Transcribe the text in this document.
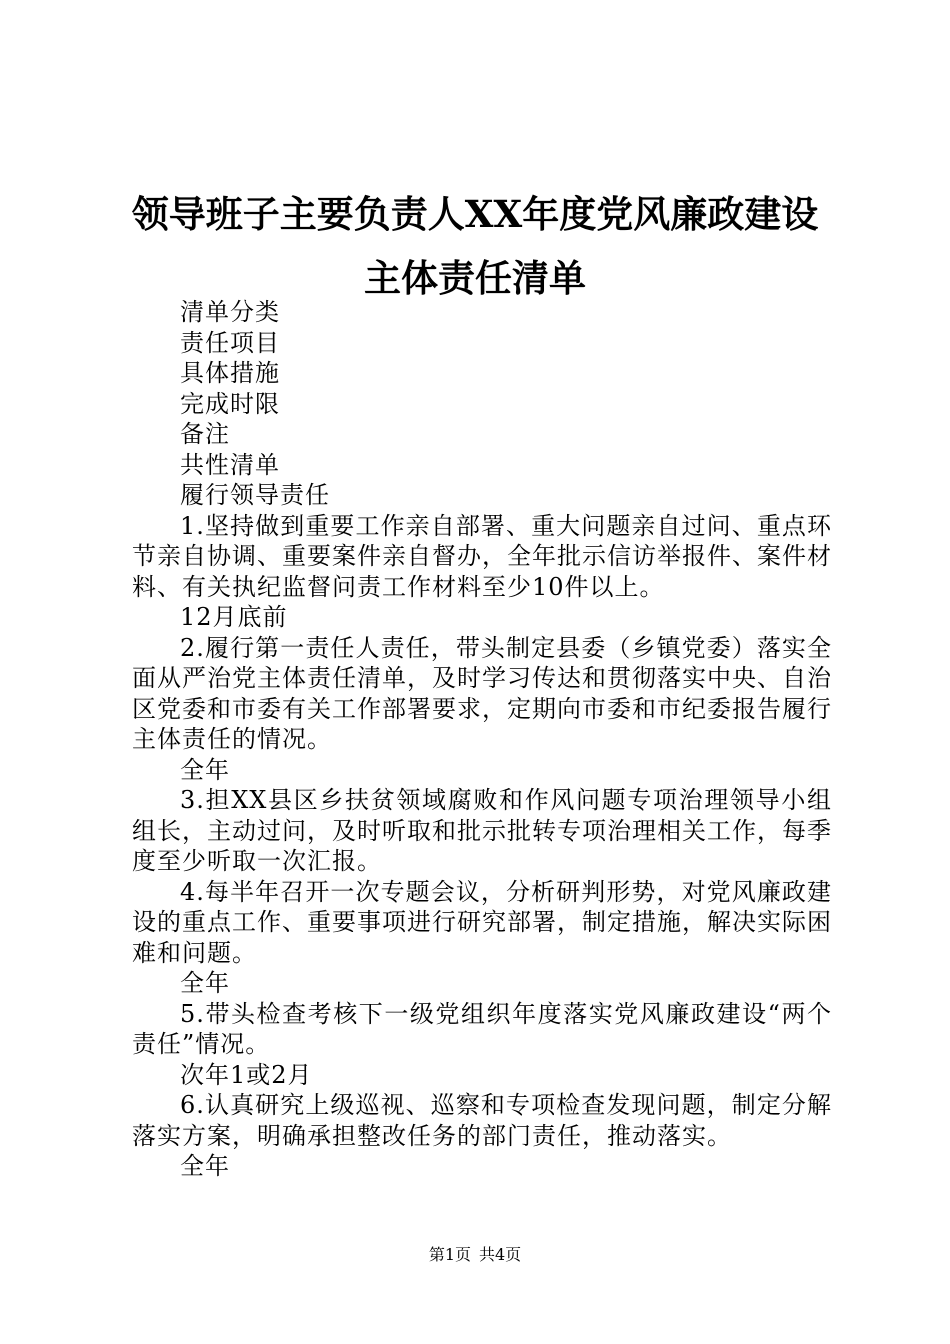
领导班子主要负责人XX年度党风廉政建设主体责任清单

清单分类

责任项目

具体措施

完成时限

备注

共性清单

履行领导责任

1.坚持做到重要工作亲自部署、重大问题亲自过问、重点环节亲自协调、重要案件亲自督办，全年批示信访举报件、案件材料、有关执纪监督问责工作材料至少10件以上。

12月底前

2.履行第一责任人责任，带头制定县委（乡镇党委）落实全面从严治党主体责任清单，及时学习传达和贯彻落实中央、自治区党委和市委有关工作部署要求，定期向市委和市纪委报告履行主体责任的情况。

全年

3.担XX县区乡扶贫领域腐败和作风问题专项治理领导小组组长，主动过问，及时听取和批示批转专项治理相关工作，每季度至少听取一次汇报。

4.每半年召开一次专题会议，分析研判形势，对党风廉政建设的重点工作、重要事项进行研究部署，制定措施，解决实际困难和问题。

全年

5.带头检查考核下一级党组织年度落实党风廉政建设“两个责任”情况。

次年1或2月

6.认真研究上级巡视、巡察和专项检查发现问题，制定分解落实方案，明确承担整改任务的部门责任，推动落实。

全年

第1页 共4页
